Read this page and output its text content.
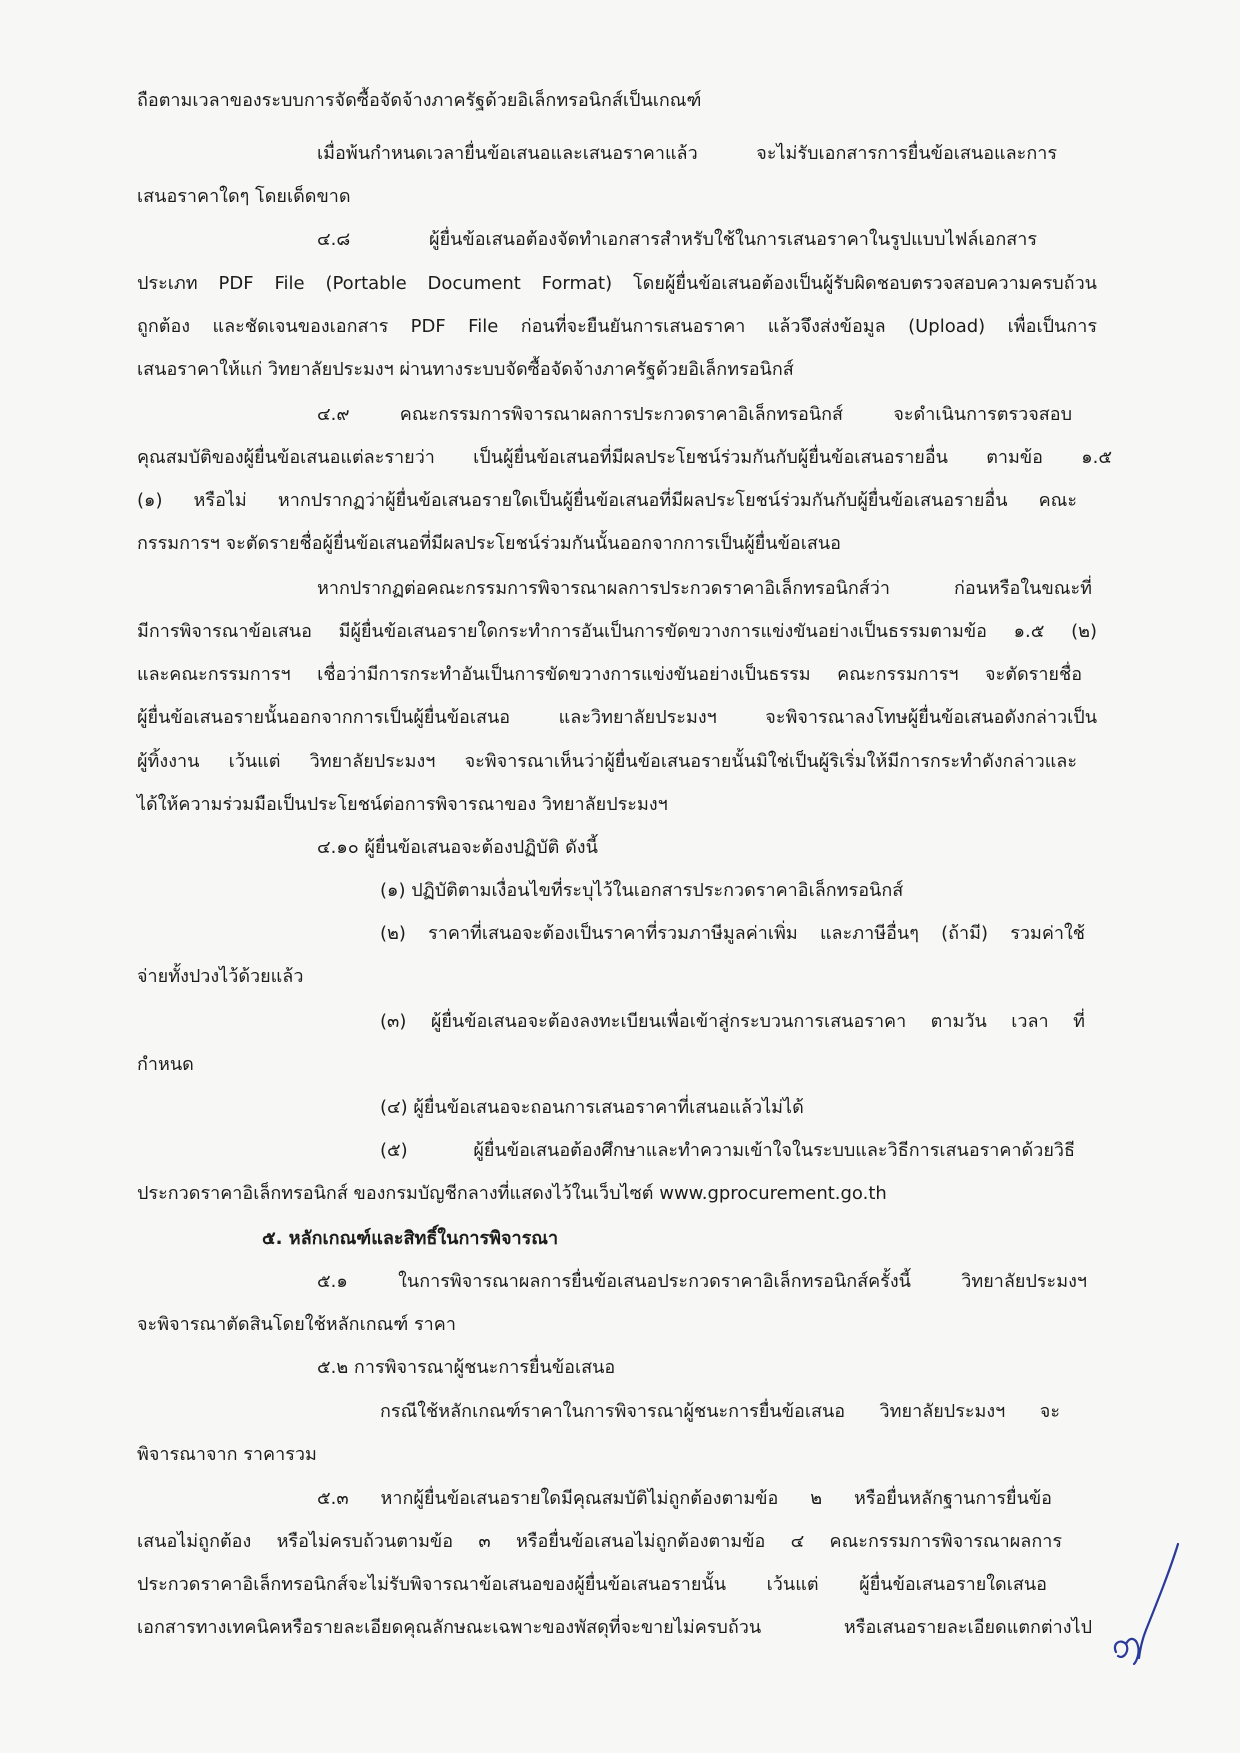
ถือตามเวลาของระบบการจัดซื้อจัดจ้างภาครัฐด้วยอิเล็กทรอนิกส์เป็นเกณฑ์

เมื่อพ้นกำหนดเวลายื่นข้อเสนอและเสนอราคาแล้ว จะไม่รับเอกสารการยื่นข้อเสนอและการ

เสนอราคาใดๆ โดยเด็ดขาด

๔.๘ ผู้ยื่นข้อเสนอต้องจัดทำเอกสารสำหรับใช้ในการเสนอราคาในรูปแบบไฟล์เอกสาร

ประเภท PDF File (Portable Document Format) โดยผู้ยื่นข้อเสนอต้องเป็นผู้รับผิดชอบตรวจสอบความครบถ้วน

ถูกต้อง และชัดเจนของเอกสาร PDF File ก่อนที่จะยืนยันการเสนอราคา แล้วจึงส่งข้อมูล (Upload) เพื่อเป็นการ

เสนอราคาให้แก่ วิทยาลัยประมงฯ ผ่านทางระบบจัดซื้อจัดจ้างภาครัฐด้วยอิเล็กทรอนิกส์

๔.๙ คณะกรรมการพิจารณาผลการประกวดราคาอิเล็กทรอนิกส์ จะดำเนินการตรวจสอบ

คุณสมบัติของผู้ยื่นข้อเสนอแต่ละรายว่า เป็นผู้ยื่นข้อเสนอที่มีผลประโยชน์ร่วมกันกับผู้ยื่นข้อเสนอรายอื่น ตามข้อ ๑.๕

(๑) หรือไม่ หากปรากฏว่าผู้ยื่นข้อเสนอรายใดเป็นผู้ยื่นข้อเสนอที่มีผลประโยชน์ร่วมกันกับผู้ยื่นข้อเสนอรายอื่น คณะ

กรรมการฯ จะตัดรายชื่อผู้ยื่นข้อเสนอที่มีผลประโยชน์ร่วมกันนั้นออกจากการเป็นผู้ยื่นข้อเสนอ

หากปรากฏต่อคณะกรรมการพิจารณาผลการประกวดราคาอิเล็กทรอนิกส์ว่า ก่อนหรือในขณะที่

มีการพิจารณาข้อเสนอ มีผู้ยื่นข้อเสนอรายใดกระทำการอันเป็นการขัดขวางการแข่งขันอย่างเป็นธรรมตามข้อ ๑.๕ (๒)

และคณะกรรมการฯ เชื่อว่ามีการกระทำอันเป็นการขัดขวางการแข่งขันอย่างเป็นธรรม คณะกรรมการฯ จะตัดรายชื่อ

ผู้ยื่นข้อเสนอรายนั้นออกจากการเป็นผู้ยื่นข้อเสนอ และวิทยาลัยประมงฯ จะพิจารณาลงโทษผู้ยื่นข้อเสนอดังกล่าวเป็น

ผู้ทิ้งงาน เว้นแต่ วิทยาลัยประมงฯ จะพิจารณาเห็นว่าผู้ยื่นข้อเสนอรายนั้นมิใช่เป็นผู้ริเริ่มให้มีการกระทำดังกล่าวและ

ได้ให้ความร่วมมือเป็นประโยชน์ต่อการพิจารณาของ วิทยาลัยประมงฯ

๔.๑๐ ผู้ยื่นข้อเสนอจะต้องปฏิบัติ ดังนี้

(๑) ปฏิบัติตามเงื่อนไขที่ระบุไว้ในเอกสารประกวดราคาอิเล็กทรอนิกส์

(๒) ราคาที่เสนอจะต้องเป็นราคาที่รวมภาษีมูลค่าเพิ่ม และภาษีอื่นๆ (ถ้ามี) รวมค่าใช้

จ่ายทั้งปวงไว้ด้วยแล้ว

(๓) ผู้ยื่นข้อเสนอจะต้องลงทะเบียนเพื่อเข้าสู่กระบวนการเสนอราคา ตามวัน เวลา ที่

กำหนด

(๔) ผู้ยื่นข้อเสนอจะถอนการเสนอราคาที่เสนอแล้วไม่ได้

(๕) ผู้ยื่นข้อเสนอต้องศึกษาและทำความเข้าใจในระบบและวิธีการเสนอราคาด้วยวิธี

ประกวดราคาอิเล็กทรอนิกส์ ของกรมบัญชีกลางที่แสดงไว้ในเว็บไซต์ www.gprocurement.go.th

๕. หลักเกณฑ์และสิทธิ์ในการพิจารณา

๕.๑ ในการพิจารณาผลการยื่นข้อเสนอประกวดราคาอิเล็กทรอนิกส์ครั้งนี้ วิทยาลัยประมงฯ

จะพิจารณาตัดสินโดยใช้หลักเกณฑ์ ราคา

๕.๒ การพิจารณาผู้ชนะการยื่นข้อเสนอ

กรณีใช้หลักเกณฑ์ราคาในการพิจารณาผู้ชนะการยื่นข้อเสนอ วิทยาลัยประมงฯ จะ

พิจารณาจาก ราคารวม

๕.๓ หากผู้ยื่นข้อเสนอรายใดมีคุณสมบัติไม่ถูกต้องตามข้อ ๒ หรือยื่นหลักฐานการยื่นข้อ

เสนอไม่ถูกต้อง หรือไม่ครบถ้วนตามข้อ ๓ หรือยื่นข้อเสนอไม่ถูกต้องตามข้อ ๔ คณะกรรมการพิจารณาผลการ

ประกวดราคาอิเล็กทรอนิกส์จะไม่รับพิจารณาข้อเสนอของผู้ยื่นข้อเสนอรายนั้น เว้นแต่ ผู้ยื่นข้อเสนอรายใดเสนอ

เอกสารทางเทคนิคหรือรายละเอียดคุณลักษณะเฉพาะของพัสดุที่จะขายไม่ครบถ้วน หรือเสนอรายละเอียดแตกต่างไป
